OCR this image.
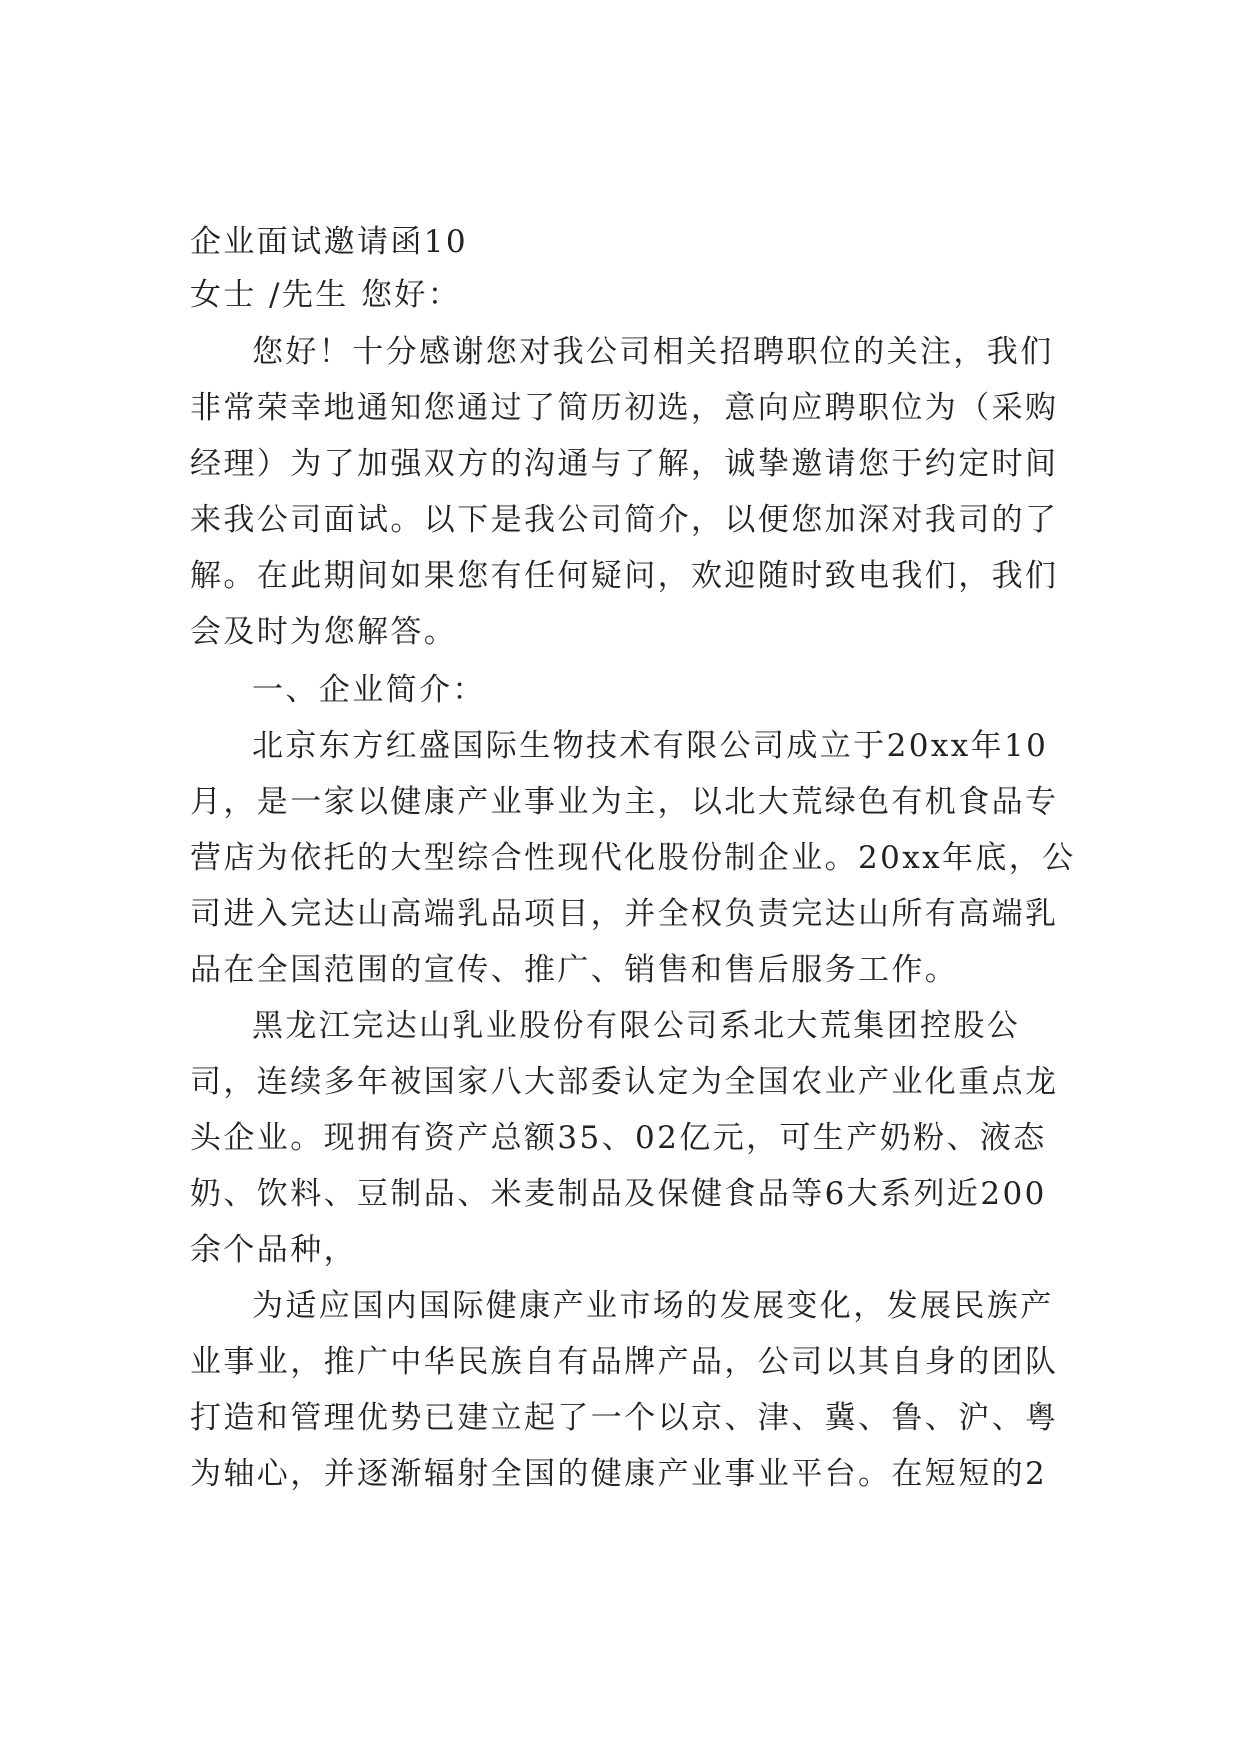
企业面试邀请函10
女士 /先生 您好：
您好！十分感谢您对我公司相关招聘职位的关注，我们
非常荣幸地通知您通过了简历初选，意向应聘职位为（采购
经理）为了加强双方的沟通与了解，诚挚邀请您于约定时间
来我公司面试。以下是我公司简介，以便您加深对我司的了
解。在此期间如果您有任何疑问，欢迎随时致电我们，我们
会及时为您解答。
一、企业简介：
北京东方红盛国际生物技术有限公司成立于20xx年10
月，是一家以健康产业事业为主，以北大荒绿色有机食品专
营店为依托的大型综合性现代化股份制企业。20xx年底，公
司进入完达山高端乳品项目，并全权负责完达山所有高端乳
品在全国范围的宣传、推广、销售和售后服务工作。
黑龙江完达山乳业股份有限公司系北大荒集团控股公
司，连续多年被国家八大部委认定为全国农业产业化重点龙
头企业。现拥有资产总额35、02亿元，可生产奶粉、液态
奶、饮料、豆制品、米麦制品及保健食品等6大系列近200
余个品种，
为适应国内国际健康产业市场的发展变化，发展民族产
业事业，推广中华民族自有品牌产品，公司以其自身的团队
打造和管理优势已建立起了一个以京、津、冀、鲁、沪、粤
为轴心，并逐渐辐射全国的健康产业事业平台。在短短的2
